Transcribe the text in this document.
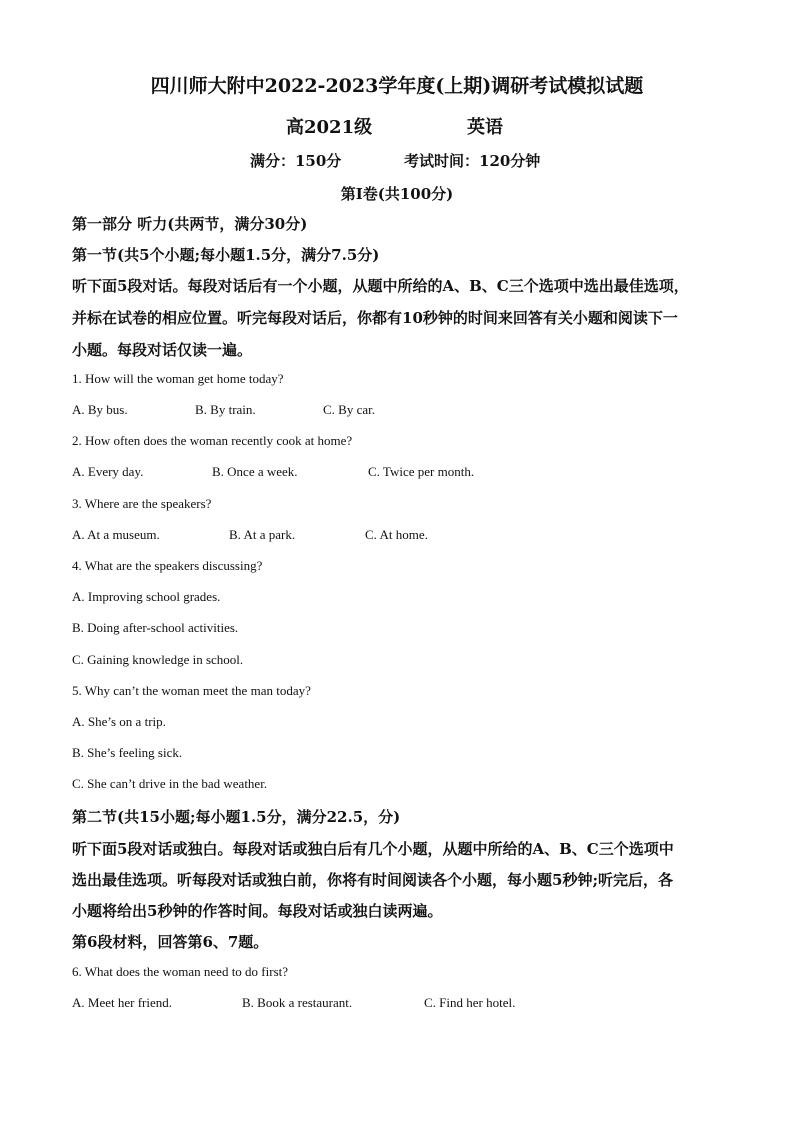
四川师大附中2022-2023学年度(上期)调研考试模拟试题
高2021级	英语
满分：150分	考试时间：120分钟
第I卷(共100分)
第一部分 听力(共两节，满分30分)
第一节(共5个小题;每小题1.5分，满分7.5分)
听下面5段对话。每段对话后有一个小题，从题中所给的A、B、C三个选项中选出最佳选项，
并标在试卷的相应位置。听完每段对话后，你都有10秒钟的时间来回答有关小题和阅读下一
小题。每段对话仅读一遍。
1. How will the woman get home today?
A. By bus.	B. By train.	C. By car.
2. How often does the woman recently cook at home?
A. Every day.	B. Once a week.	C. Twice per month.
3. Where are the speakers?
A. At a museum.	B. At a park.	C. At home.
4. What are the speakers discussing?
A. Improving school grades.
B. Doing after-school activities.
C. Gaining knowledge in school.
5. Why can’t the woman meet the man today?
A. She’s on a trip.
B. She’s feeling sick.
C. She can’t drive in the bad weather.
第二节(共15小题;每小题1.5分，满分22.5，分)
听下面5段对话或独白。每段对话或独白后有几个小题，从题中所给的A、B、C三个选项中
选出最佳选项。听每段对话或独白前，你将有时间阅读各个小题，每小题5秒钟;听完后，各
小题将给出5秒钟的作答时间。每段对话或独白读两遍。
第6段材料，回答第6、7题。
6. What does the woman need to do first?
A. Meet her friend.	B. Book a restaurant.	C. Find her hotel.
